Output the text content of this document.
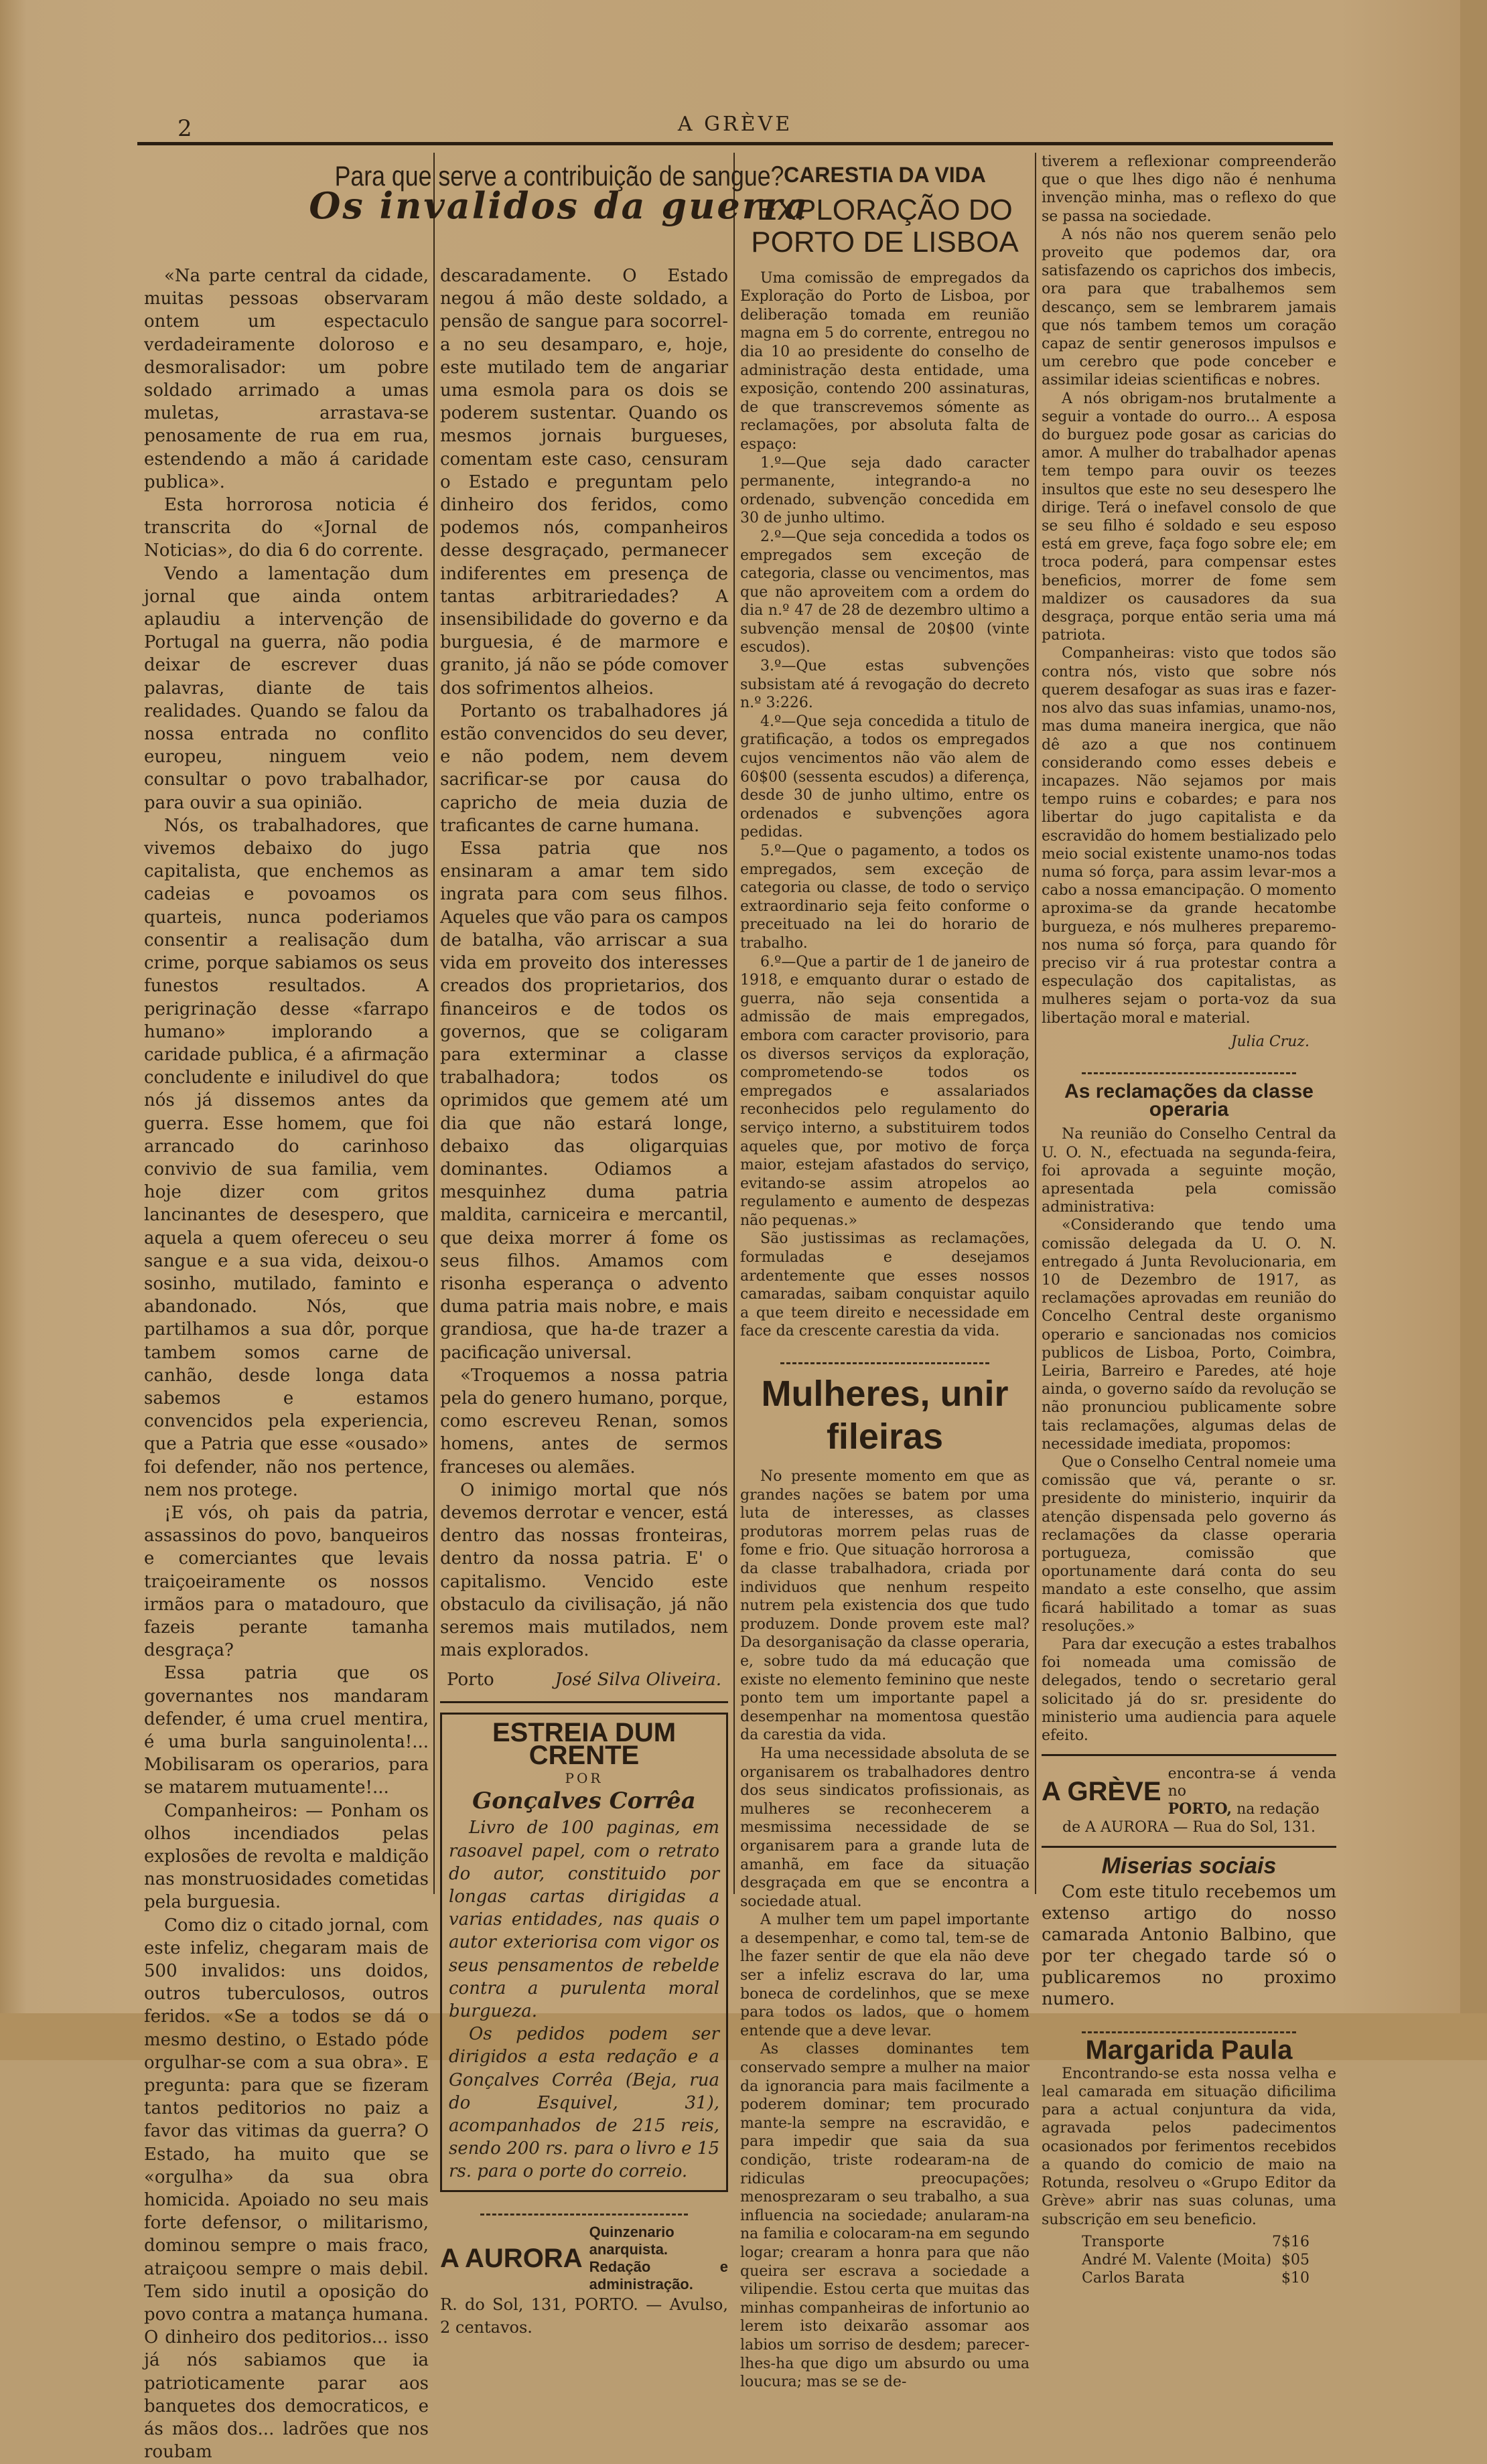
2	A GRÈVE
Para que serve a contribuição de sangue?
Os invalidos da guerra

«Na parte central da cidade, muitas pessoas observaram ontem um espectaculo verdadeiramente doloroso e desmoralisador: um pobre soldado arrimado a umas muletas, arrastava-se penosamente de rua em rua, estendendo a mão á caridade publica».

Esta horrorosa noticia é transcrita do «Jornal de Noticias», do dia 6 do corrente.

Vendo a lamentação dum jornal que ainda ontem aplaudiu a intervenção de Portugal na guerra, não podia deixar de escrever duas palavras, diante de tais realidades. Quando se falou da nossa entrada no conflito europeu, ninguem veio consultar o povo trabalhador, para ouvir a sua opinião.

Nós, os trabalhadores, que vivemos debaixo do jugo capitalista, que enchemos as cadeias e povoamos os quarteis, nunca poderiamos consentir a realisação dum crime, porque sabiamos os seus funestos resultados. A perigrinação desse «farrapo humano» implorando a caridade publica, é a afirmação concludente e iniludivel do que nós já dissemos antes da guerra. Esse homem, que foi arrancado do carinhoso convivio de sua familia, vem hoje dizer com gritos lancinantes de desespero, que aquela a quem ofereceu o seu sangue e a sua vida, deixou-o sosinho, mutilado, faminto e abandonado. Nós, que partilhamos a sua dôr, porque tambem somos carne de canhão, desde longa data sabemos e estamos convencidos pela experiencia, que a Patria que esse «ousado» foi defender, não nos pertence, nem nos protege.

¡E vós, oh pais da patria, assassinos do povo, banqueiros e comerciantes que levais traiçoeiramente os nossos irmãos para o matadouro, que fazeis perante tamanha desgraça?

Essa patria que os governantes nos mandaram defender, é uma cruel mentira, é uma burla sanguinolenta!... Mobilisaram os operarios, para se matarem mutuamente!...

Companheiros: — Ponham os olhos incendiados pelas explosões de revolta e maldição nas monstruosidades cometidas pela burguesia.

Como diz o citado jornal, com este infeliz, chegaram mais de 500 invalidos: uns doidos, outros tuberculosos, outros feridos. «Se a todos se dá o mesmo destino, o Estado póde orgulhar-se com a sua obra». E pregunta: para que se fizeram tantos peditorios no paiz a favor das vitimas da guerra? O Estado, ha muito que se «orgulha» da sua obra homicida. Apoiado no seu mais forte defensor, o militarismo, dominou sempre o mais fraco, atraiçoou sempre o mais debil. Tem sido inutil a oposição do povo contra a matança humana. O dinheiro dos peditorios... isso já nós sabiamos que ia patrioticamente parar aos banquetes dos democraticos, e ás mãos dos... ladrões que nos roubam

descaradamente. O Estado negou á mão deste soldado, a pensão de sangue para socorrel-a no seu desamparo, e, hoje, este mutilado tem de angariar uma esmola para os dois se poderem sustentar. Quando os mesmos jornais burgueses, comentam este caso, censuram o Estado e preguntam pelo dinheiro dos feridos, como podemos nós, companheiros desse desgraçado, permanecer indiferentes em presença de tantas arbitrariedades? A insensibilidade do governo e da burguesia, é de marmore e granito, já não se póde comover dos sofrimentos alheios.

Portanto os trabalhadores já estão convencidos do seu dever, e não podem, nem devem sacrificar-se por causa do capricho de meia duzia de traficantes de carne humana.

Essa patria que nos ensinaram a amar tem sido ingrata para com seus filhos. Aqueles que vão para os campos de batalha, vão arriscar a sua vida em proveito dos interesses creados dos proprietarios, dos financeiros e de todos os governos, que se coligaram para exterminar a classe trabalhadora; todos os oprimidos que gemem até um dia que não estará longe, debaixo das oligarquias dominantes. Odiamos a mesquinhez duma patria maldita, carniceira e mercantil, que deixa morrer á fome os seus filhos. Amamos com risonha esperança o advento duma patria mais nobre, e mais grandiosa, que ha-de trazer a pacificação universal.

«Troquemos a nossa patria pela do genero humano, porque, como escreveu Renan, somos homens, antes de sermos franceses ou alemães.

O inimigo mortal que nós devemos derrotar e vencer, está dentro das nossas fronteiras, dentro da nossa patria. E' o capitalismo. Vencido este obstaculo da civilisação, já não seremos mais mutilados, nem mais explorados.

Porto	José Silva Oliveira.
ESTREIA DUM CRENTE
POR
Gonçalves Corrêa

Livro de 100 paginas, em rasoavel papel, com o retrato do autor, constituido por longas cartas dirigidas a varias entidades, nas quais o autor exteriorisa com vigor os seus pensamentos de rebelde contra a purulenta moral burgueza.

Os pedidos podem ser dirigidos a esta redação e a Gonçalves Corrêa (Beja, rua do Esquivel, 31), acompanhados de 215 reis, sendo 200 rs. para o livro e 15 rs. para o porte do correio.

A AURORA
Quinzenario anarquista.
Redação e administração.
R. do Sol, 131, PORTO. — Avulso, 2 centavos.
CARESTIA DA VIDA
EXPLORAÇÃO DO PORTO DE LISBOA

Uma comissão de empregados da Exploração do Porto de Lisboa, por deliberação tomada em reunião magna em 5 do corrente, entregou no dia 10 ao presidente do conselho de administração desta entidade, uma exposição, contendo 200 assinaturas, de que transcrevemos sómente as reclamações, por absoluta falta de espaço:

1.º—Que seja dado caracter permanente, integrando-a no ordenado, subvenção concedida em 30 de junho ultimo.

2.º—Que seja concedida a todos os empregados sem exceção de categoria, classe ou vencimentos, mas que não aproveitem com a ordem do dia n.º 47 de 28 de dezembro ultimo a subvenção mensal de 20$00 (vinte escudos).

3.º—Que estas subvenções subsistam até á revogação do decreto n.º 3:226.

4.º—Que seja concedida a titulo de gratificação, a todos os empregados cujos vencimentos não vão alem de 60$00 (sessenta escudos) a diferença, desde 30 de junho ultimo, entre os ordenados e subvenções agora pedidas.

5.º—Que o pagamento, a todos os empregados, sem exceção de categoria ou classe, de todo o serviço extraordinario seja feito conforme o preceituado na lei do horario de trabalho.

6.º—Que a partir de 1 de janeiro de 1918, e emquanto durar o estado de guerra, não seja consentida a admissão de mais empregados, embora com caracter provisorio, para os diversos serviços da exploração, comprometendo-se todos os empregados e assalariados reconhecidos pelo regulamento do serviço interno, a substituirem todos aqueles que, por motivo de força maior, estejam afastados do serviço, evitando-se assim atropelos ao regulamento e aumento de despezas não pequenas.»

São justissimas as reclamações, formuladas e desejamos ardentemente que esses nossos camaradas, saibam conquistar aquilo a que teem direito e necessidade em face da crescente carestia da vida.

Mulheres, unir fileiras

No presente momento em que as grandes nações se batem por uma luta de interesses, as classes produtoras morrem pelas ruas de fome e frio. Que situação horrorosa a da classe trabalhadora, criada por individuos que nenhum respeito nutrem pela existencia dos que tudo produzem. Donde provem este mal? Da desorganisação da classe operaria, e, sobre tudo da má educação que existe no elemento feminino que neste ponto tem um importante papel a desempenhar na momentosa questão da carestia da vida.

Ha uma necessidade absoluta de se organisarem os trabalhadores dentro dos seus sindicatos profissionais, as mulheres se reconhecerem a mesmissima necessidade de se organisarem para a grande luta de amanhã, em face da situação desgraçada em que se encontra a sociedade atual.

A mulher tem um papel importante a desempenhar, e como tal, tem-se de lhe fazer sentir de que ela não deve ser a infeliz escrava do lar, uma boneca de cordelinhos, que se mexe para todos os lados, que o homem entende que a deve levar.

As classes dominantes tem conservado sempre a mulher na maior da ignorancia para mais facilmente a poderem dominar; tem procurado mante-la sempre na escravidão, e para impedir que saia da sua condição, triste rodearam-na de ridiculas preocupações; menosprezaram o seu trabalho, a sua influencia na sociedade; anularam-na na familia e colocaram-na em segundo logar; crearam a honra para que não queira ser escrava a sociedade a vilipendie. Estou certa que muitas das minhas companheiras de infortunio ao lerem isto deixarão assomar aos labios um sorriso de desdem; parecer-lhes-ha que digo um absurdo ou uma loucura; mas se se de-

tiverem a reflexionar compreenderão que o que lhes digo não é nenhuma invenção minha, mas o reflexo do que se passa na sociedade.

A nós não nos querem senão pelo proveito que podemos dar, ora satisfazendo os caprichos dos imbecis, ora para que trabalhemos sem descanço, sem se lembrarem jamais que nós tambem temos um coração capaz de sentir generosos impulsos e um cerebro que pode conceber e assimilar ideias scientificas e nobres.

A nós obrigam-nos brutalmente a seguir a vontade do ourro... A esposa do burguez pode gosar as caricias do amor. A mulher do trabalhador apenas tem tempo para ouvir os teezes insultos que este no seu desespero lhe dirige. Terá o inefavel consolo de que se seu filho é soldado e seu esposo está em greve, faça fogo sobre ele; em troca poderá, para compensar estes beneficios, morrer de fome sem maldizer os causadores da sua desgraça, porque então seria uma má patriota.

Companheiras: visto que todos são contra nós, visto que sobre nós querem desafogar as suas iras e fazer-nos alvo das suas infamias, unamo-nos, mas duma maneira inergica, que não dê azo a que nos continuem considerando como esses debeis e incapazes. Não sejamos por mais tempo ruins e cobardes; e para nos libertar do jugo capitalista e da escravidão do homem bestializado pelo meio social existente unamo-nos todas numa só força, para assim levar-mos a cabo a nossa emancipação. O momento aproxima-se da grande hecatombe burgueza, e nós mulheres preparemo-nos numa só força, para quando fôr preciso vir á rua protestar contra a especulação dos capitalistas, as mulheres sejam o porta-voz da sua libertação moral e material.

Julia Cruz.
As reclamações da classe operaria

Na reunião do Conselho Central da U. O. N., efectuada na segunda-feira, foi aprovada a seguinte moção, apresentada pela comissão administrativa:

«Considerando que tendo uma comissão delegada da U. O. N. entregado á Junta Revolucionaria, em 10 de Dezembro de 1917, as reclamações aprovadas em reunião do Concelho Central deste organismo operario e sancionadas nos comicios publicos de Lisboa, Porto, Coimbra, Leiria, Barreiro e Paredes, até hoje ainda, o governo saído da revolução se não pronunciou publicamente sobre tais reclamações, algumas delas de necessidade imediata, propomos:

Que o Conselho Central nomeie uma comissão que vá, perante o sr. presidente do ministerio, inquirir da atenção dispensada pelo governo ás reclamações da classe operaria portugueza, comissão que oportunamente dará conta do seu mandato a este conselho, que assim ficará habilitado a tomar as suas resoluções.»

Para dar execução a estes trabalhos foi nomeada uma comissão de delegados, tendo o secretario geral solicitado já do sr. presidente do ministerio uma audiencia para aquele efeito.

A GRÈVE
encontra-se á venda no
PORTO, na redação
de A AURORA — Rua do Sol, 131.
Miserias sociais

Com este titulo recebemos um extenso artigo do nosso camarada Antonio Balbino, que por ter chegado tarde só o publicaremos no proximo numero.

Margarida Paula

Encontrando-se esta nossa velha e leal camarada em situação dificilima para a actual conjuntura da vida, agravada pelos padecimentos ocasionados por ferimentos recebidos a quando do comicio de maio na Rotunda, resolveu o «Grupo Editor da Grève» abrir nas suas colunas, uma subscrição em seu beneficio.

Transporte	7$16
André M. Valente (Moita) $05
Carlos Barata	$10
